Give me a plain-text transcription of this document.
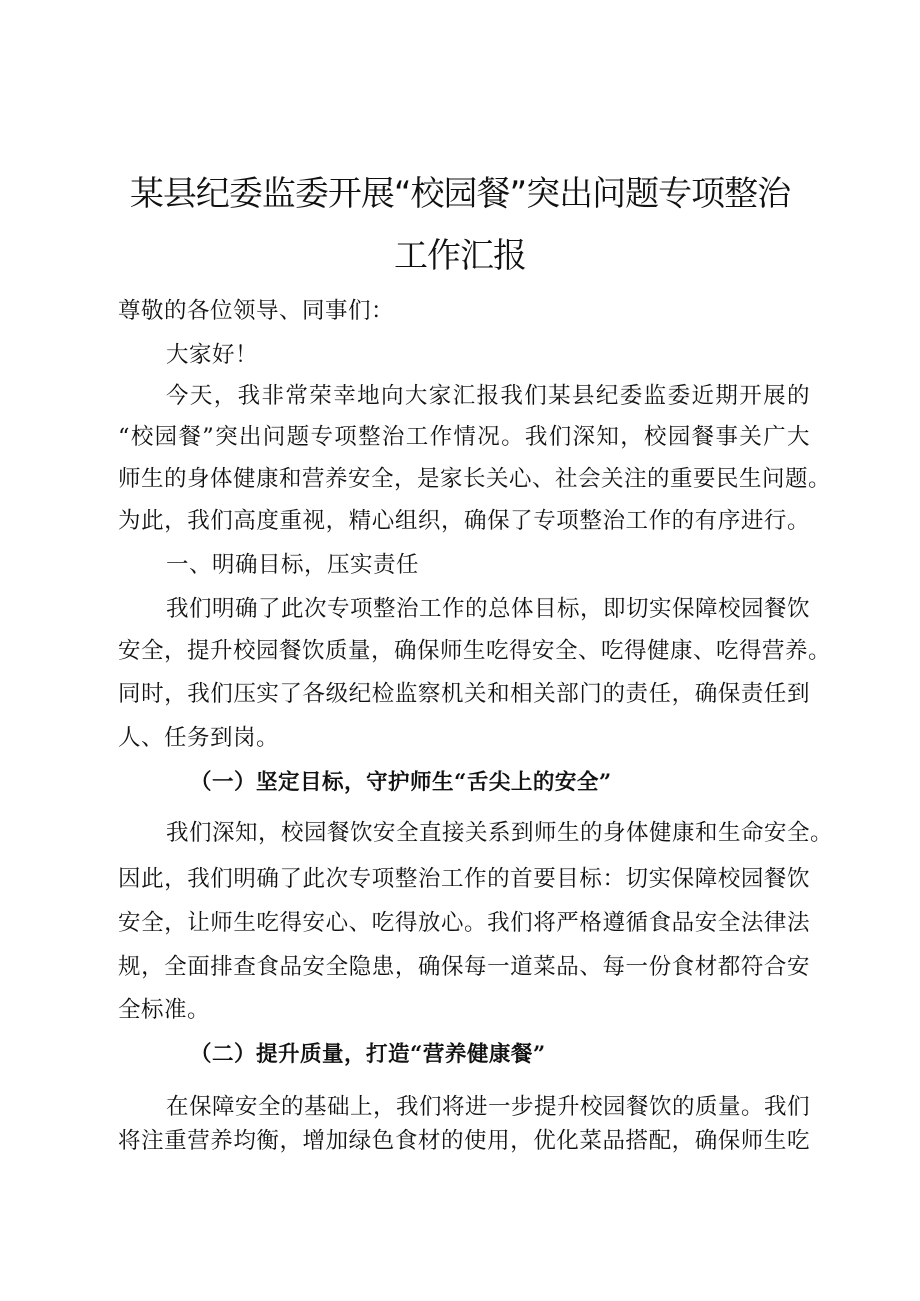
某县纪委监委开展“校园餐”突出问题专项整治
工作汇报
尊敬的各位领导、同事们：
大家好！
今天，我非常荣幸地向大家汇报我们某县纪委监委近期开展的
“校园餐”突出问题专项整治工作情况。我们深知，校园餐事关广大
师生的身体健康和营养安全，是家长关心、社会关注的重要民生问题。
为此，我们高度重视，精心组织，确保了专项整治工作的有序进行。
一、明确目标，压实责任
我们明确了此次专项整治工作的总体目标，即切实保障校园餐饮
安全，提升校园餐饮质量，确保师生吃得安全、吃得健康、吃得营养。
同时，我们压实了各级纪检监察机关和相关部门的责任，确保责任到
人、任务到岗。
（一）坚定目标，守护师生“舌尖上的安全”
我们深知，校园餐饮安全直接关系到师生的身体健康和生命安全。
因此，我们明确了此次专项整治工作的首要目标：切实保障校园餐饮
安全，让师生吃得安心、吃得放心。我们将严格遵循食品安全法律法
规，全面排查食品安全隐患，确保每一道菜品、每一份食材都符合安
全标准。
（二）提升质量，打造“营养健康餐”
在保障安全的基础上，我们将进一步提升校园餐饮的质量。我们
将注重营养均衡，增加绿色食材的使用，优化菜品搭配，确保师生吃
